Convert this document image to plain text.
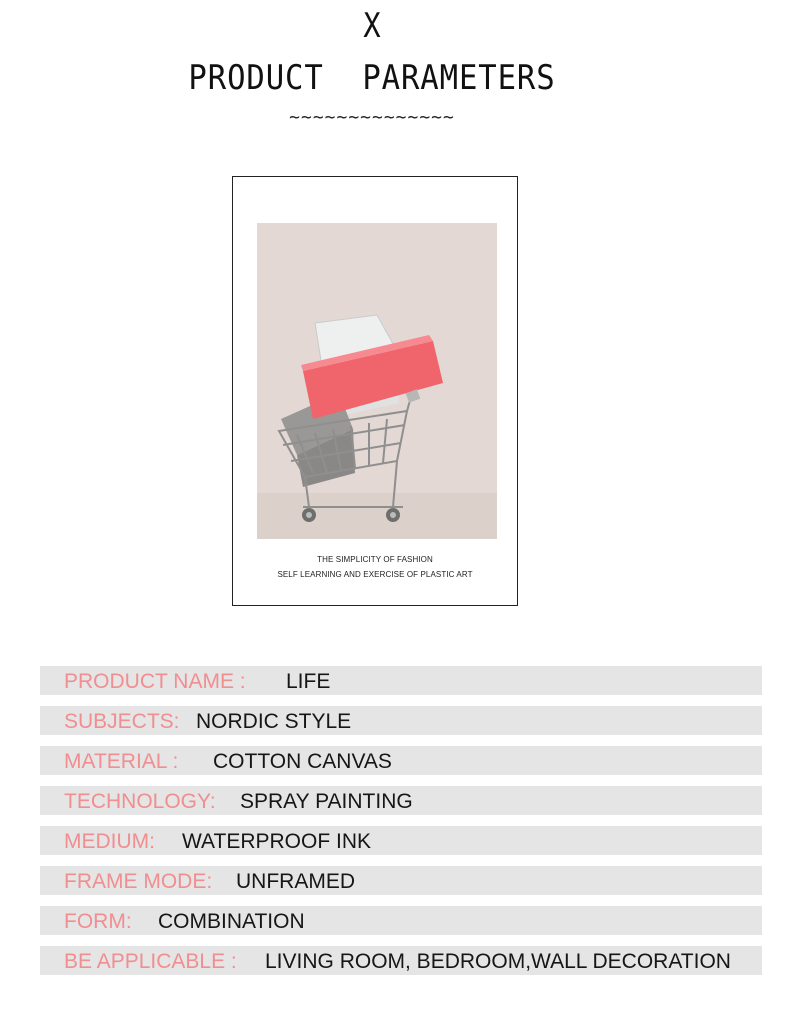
X
PRODUCT  PARAMETERS
~~~~~~~~~~~~~~
THE SIMPLICITY OF FASHION
SELF LEARNING AND EXERCISE OF PLASTIC ART
PRODUCT NAME : LIFE
SUBJECTS: NORDIC STYLE
MATERIAL : COTTON CANVAS
TECHNOLOGY: SPRAY PAINTING
MEDIUM: WATERPROOF INK
FRAME MODE: UNFRAMED
FORM: COMBINATION
BE APPLICABLE : LIVING ROOM, BEDROOM,WALL DECORATION
